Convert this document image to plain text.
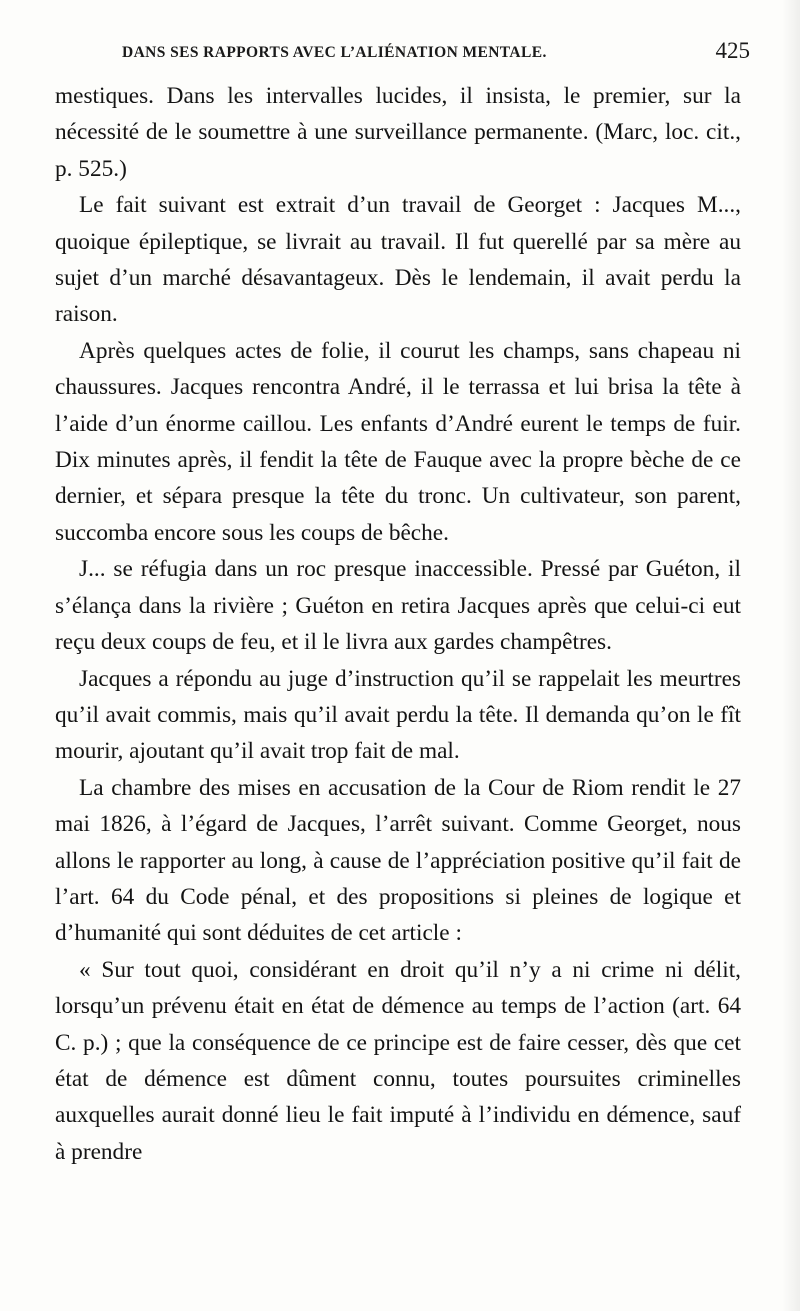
DANS SES RAPPORTS AVEC L’ALIÉNATION MENTALE.	425

mestiques. Dans les intervalles lucides, il insista, le premier, sur la nécessité de le soumettre à une surveillance permanente. (Marc, loc. cit., p. 525.)

Le fait suivant est extrait d’un travail de Georget : Jacques M..., quoique épileptique, se livrait au travail. Il fut querellé par sa mère au sujet d’un marché désavantageux. Dès le lendemain, il avait perdu la raison.

Après quelques actes de folie, il courut les champs, sans chapeau ni chaussures. Jacques rencontra André, il le terrassa et lui brisa la tête à l’aide d’un énorme caillou. Les enfants d’André eurent le temps de fuir. Dix minutes après, il fendit la tête de Fauque avec la propre bèche de ce dernier, et sépara presque la tête du tronc. Un cultivateur, son parent, succomba encore sous les coups de bêche.

J... se réfugia dans un roc presque inaccessible. Pressé par Guéton, il s’élança dans la rivière ; Guéton en retira Jacques après que celui-ci eut reçu deux coups de feu, et il le livra aux gardes champêtres.

Jacques a répondu au juge d’instruction qu’il se rappelait les meurtres qu’il avait commis, mais qu’il avait perdu la tête. Il demanda qu’on le fît mourir, ajoutant qu’il avait trop fait de mal.

La chambre des mises en accusation de la Cour de Riom rendit le 27 mai 1826, à l’égard de Jacques, l’arrêt suivant. Comme Georget, nous allons le rapporter au long, à cause de l’appréciation positive qu’il fait de l’art. 64 du Code pénal, et des propositions si pleines de logique et d’humanité qui sont déduites de cet article :

« Sur tout quoi, considérant en droit qu’il n’y a ni crime ni délit, lorsqu’un prévenu était en état de démence au temps de l’action (art. 64 C. p.) ; que la conséquence de ce principe est de faire cesser, dès que cet état de démence est dûment connu, toutes poursuites criminelles auxquelles aurait donné lieu le fait imputé à l’individu en démence, sauf à prendre
